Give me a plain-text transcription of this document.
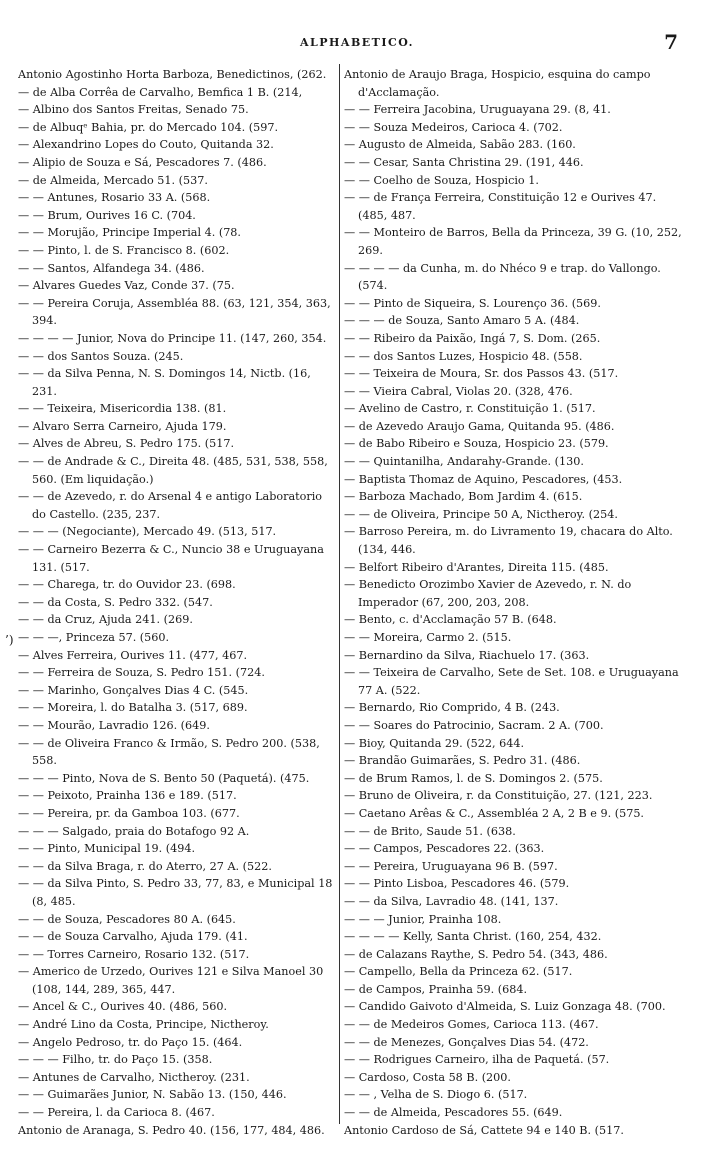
ALPHABETICO.	7
’)

Antonio Agostinho Horta Barboza, Benedictinos, (262.

— de Alba Corrêa de Carvalho, Bemfica 1 B. (214,

— Albino dos Santos Freitas, Senado 75.

— de Albuqᵉ Bahia, pr. do Mercado 104. (597.

— Alexandrino Lopes do Couto, Quitanda 32.

— Alipio de Souza e Sá, Pescadores 7. (486.

— de Almeida, Mercado 51. (537.

— — Antunes, Rosario 33 A. (568.

— — Brum, Ourives 16 C. (704.

— — Morujão, Principe Imperial 4. (78.

— — Pinto, l. de S. Francisco 8. (602.

— — Santos, Alfandega 34. (486.

— Alvares Guedes Vaz, Conde 37. (75.

— — Pereira Coruja, Assembléa 88. (63, 121, 354, 363, 394.

— — — — Junior, Nova do Principe 11. (147, 260, 354.

— — dos Santos Souza. (245.

— — da Silva Penna, N. S. Domingos 14, Nictb. (16, 231.

— — Teixeira, Misericordia 138. (81.

— Alvaro Serra Carneiro, Ajuda 179.

— Alves de Abreu, S. Pedro 175. (517.

— — de Andrade & C., Direita 48. (485, 531, 538, 558, 560. (Em liquidação.)

— — de Azevedo, r. do Arsenal 4 e antigo Laboratorio do Castello. (235, 237.

— — — (Negociante), Mercado 49. (513, 517.

— — Carneiro Bezerra & C., Nuncio 38 e Uruguayana 131. (517.

— — Charega, tr. do Ouvidor 23. (698.

— — da Costa, S. Pedro 332. (547.

— — da Cruz, Ajuda 241. (269.

— — —, Princeza 57. (560.

— Alves Ferreira, Ourives 11. (477, 467.

— — Ferreira de Souza, S. Pedro 151. (724.

— — Marinho, Gonçalves Dias 4 C. (545.

— — Moreira, l. do Batalha 3. (517, 689.

— — Mourão, Lavradio 126. (649.

— — de Oliveira Franco & Irmão, S. Pedro 200. (538, 558.

— — — Pinto, Nova de S. Bento 50 (Paquetá). (475.

— — Peixoto, Prainha 136 e 189. (517.

— — Pereira, pr. da Gamboa 103. (677.

— — — Salgado, praia do Botafogo 92 A.

— — Pinto, Municipal 19. (494.

— — da Silva Braga, r. do Aterro, 27 A. (522.

— — da Silva Pinto, S. Pedro 33, 77, 83, e Municipal 18 (8, 485.

— — de Souza, Pescadores 80 A. (645.

— — de Souza Carvalho, Ajuda 179. (41.

— — Torres Carneiro, Rosario 132. (517.

— Americo de Urzedo, Ourives 121 e Silva Manoel 30 (108, 144, 289, 365, 447.

— Ancel & C., Ourives 40. (486, 560.

— André Lino da Costa, Principe, Nictheroy.

— Angelo Pedroso, tr. do Paço 15. (464.

— — — Filho, tr. do Paço 15. (358.

— Antunes de Carvalho, Nictheroy. (231.

— — Guimarães Junior, N. Sabão 13. (150, 446.

— — Pereira, l. da Carioca 8. (467.

Antonio de Aranaga, S. Pedro 40. (156, 177, 484, 486.

Antonio de Araujo Braga, Hospicio, esquina do campo d'Acclamação.

— — Ferreira Jacobina, Uruguayana 29. (8, 41.

— — Souza Medeiros, Carioca 4. (702.

— Augusto de Almeida, Sabão 283. (160.

— — Cesar, Santa Christina 29. (191, 446.

— — Coelho de Souza, Hospicio 1.

— — de França Ferreira, Constituição 12 e Ourives 47. (485, 487.

— — Monteiro de Barros, Bella da Princeza, 39 G. (10, 252, 269.

— — — — da Cunha, m. do Nhéco 9 e trap. do Vallongo. (574.

— — Pinto de Siqueira, S. Lourenço 36. (569.

— — — de Souza, Santo Amaro 5 A. (484.

— — Ribeiro da Paixão, Ingá 7, S. Dom. (265.

— — dos Santos Luzes, Hospicio 48. (558.

— — Teixeira de Moura, Sr. dos Passos 43. (517.

— — Vieira Cabral, Violas 20. (328, 476.

— Avelino de Castro, r. Constituição 1. (517.

— de Azevedo Araujo Gama, Quitanda 95. (486.

— de Babo Ribeiro e Souza, Hospicio 23. (579.

— — Quintanilha, Andarahy-Grande. (130.

— Baptista Thomaz de Aquino, Pescadores, (453.

— Barboza Machado, Bom Jardim 4. (615.

— — de Oliveira, Principe 50 A, Nictheroy. (254.

— Barroso Pereira, m. do Livramento 19, chacara do Alto. (134, 446.

— Belfort Ribeiro d'Arantes, Direita 115. (485.

— Benedicto Orozimbo Xavier de Azevedo, r. N. do Imperador (67, 200, 203, 208.

— Bento, c. d'Acclamação 57 B. (648.

— — Moreira, Carmo 2. (515.

— Bernardino da Silva, Riachuelo 17. (363.

— — Teixeira de Carvalho, Sete de Set. 108. e Uruguayana 77 A. (522.

— Bernardo, Rio Comprido, 4 B. (243.

— — Soares do Patrocinio, Sacram. 2 A. (700.

— Bioy, Quitanda 29. (522, 644.

— Brandão Guimarães, S. Pedro 31. (486.

— de Brum Ramos, l. de S. Domingos 2. (575.

— Bruno de Oliveira, r. da Constituição, 27. (121, 223.

— Caetano Arêas & C., Assembléa 2 A, 2 B e 9. (575.

— — de Brito, Saude 51. (638.

— — Campos, Pescadores 22. (363.

— — Pereira, Uruguayana 96 B. (597.

— — Pinto Lisboa, Pescadores 46. (579.

— — da Silva, Lavradio 48. (141, 137.

— — — Junior, Prainha 108.

— — — — Kelly, Santa Christ. (160, 254, 432.

— de Calazans Raythe, S. Pedro 54. (343, 486.

— Campello, Bella da Princeza 62. (517.

— de Campos, Prainha 59. (684.

— Candido Gaivoto d'Almeida, S. Luiz Gonzaga 48. (700.

— — de Medeiros Gomes, Carioca 113. (467.

— — de Menezes, Gonçalves Dias 54. (472.

— — Rodrigues Carneiro, ilha de Paquetá. (57.

— Cardoso, Costa 58 B. (200.

— — , Velha de S. Diogo 6. (517.

— — de Almeida, Pescadores 55. (649.

Antonio Cardoso de Sá, Cattete 94 e 140 B. (517.
